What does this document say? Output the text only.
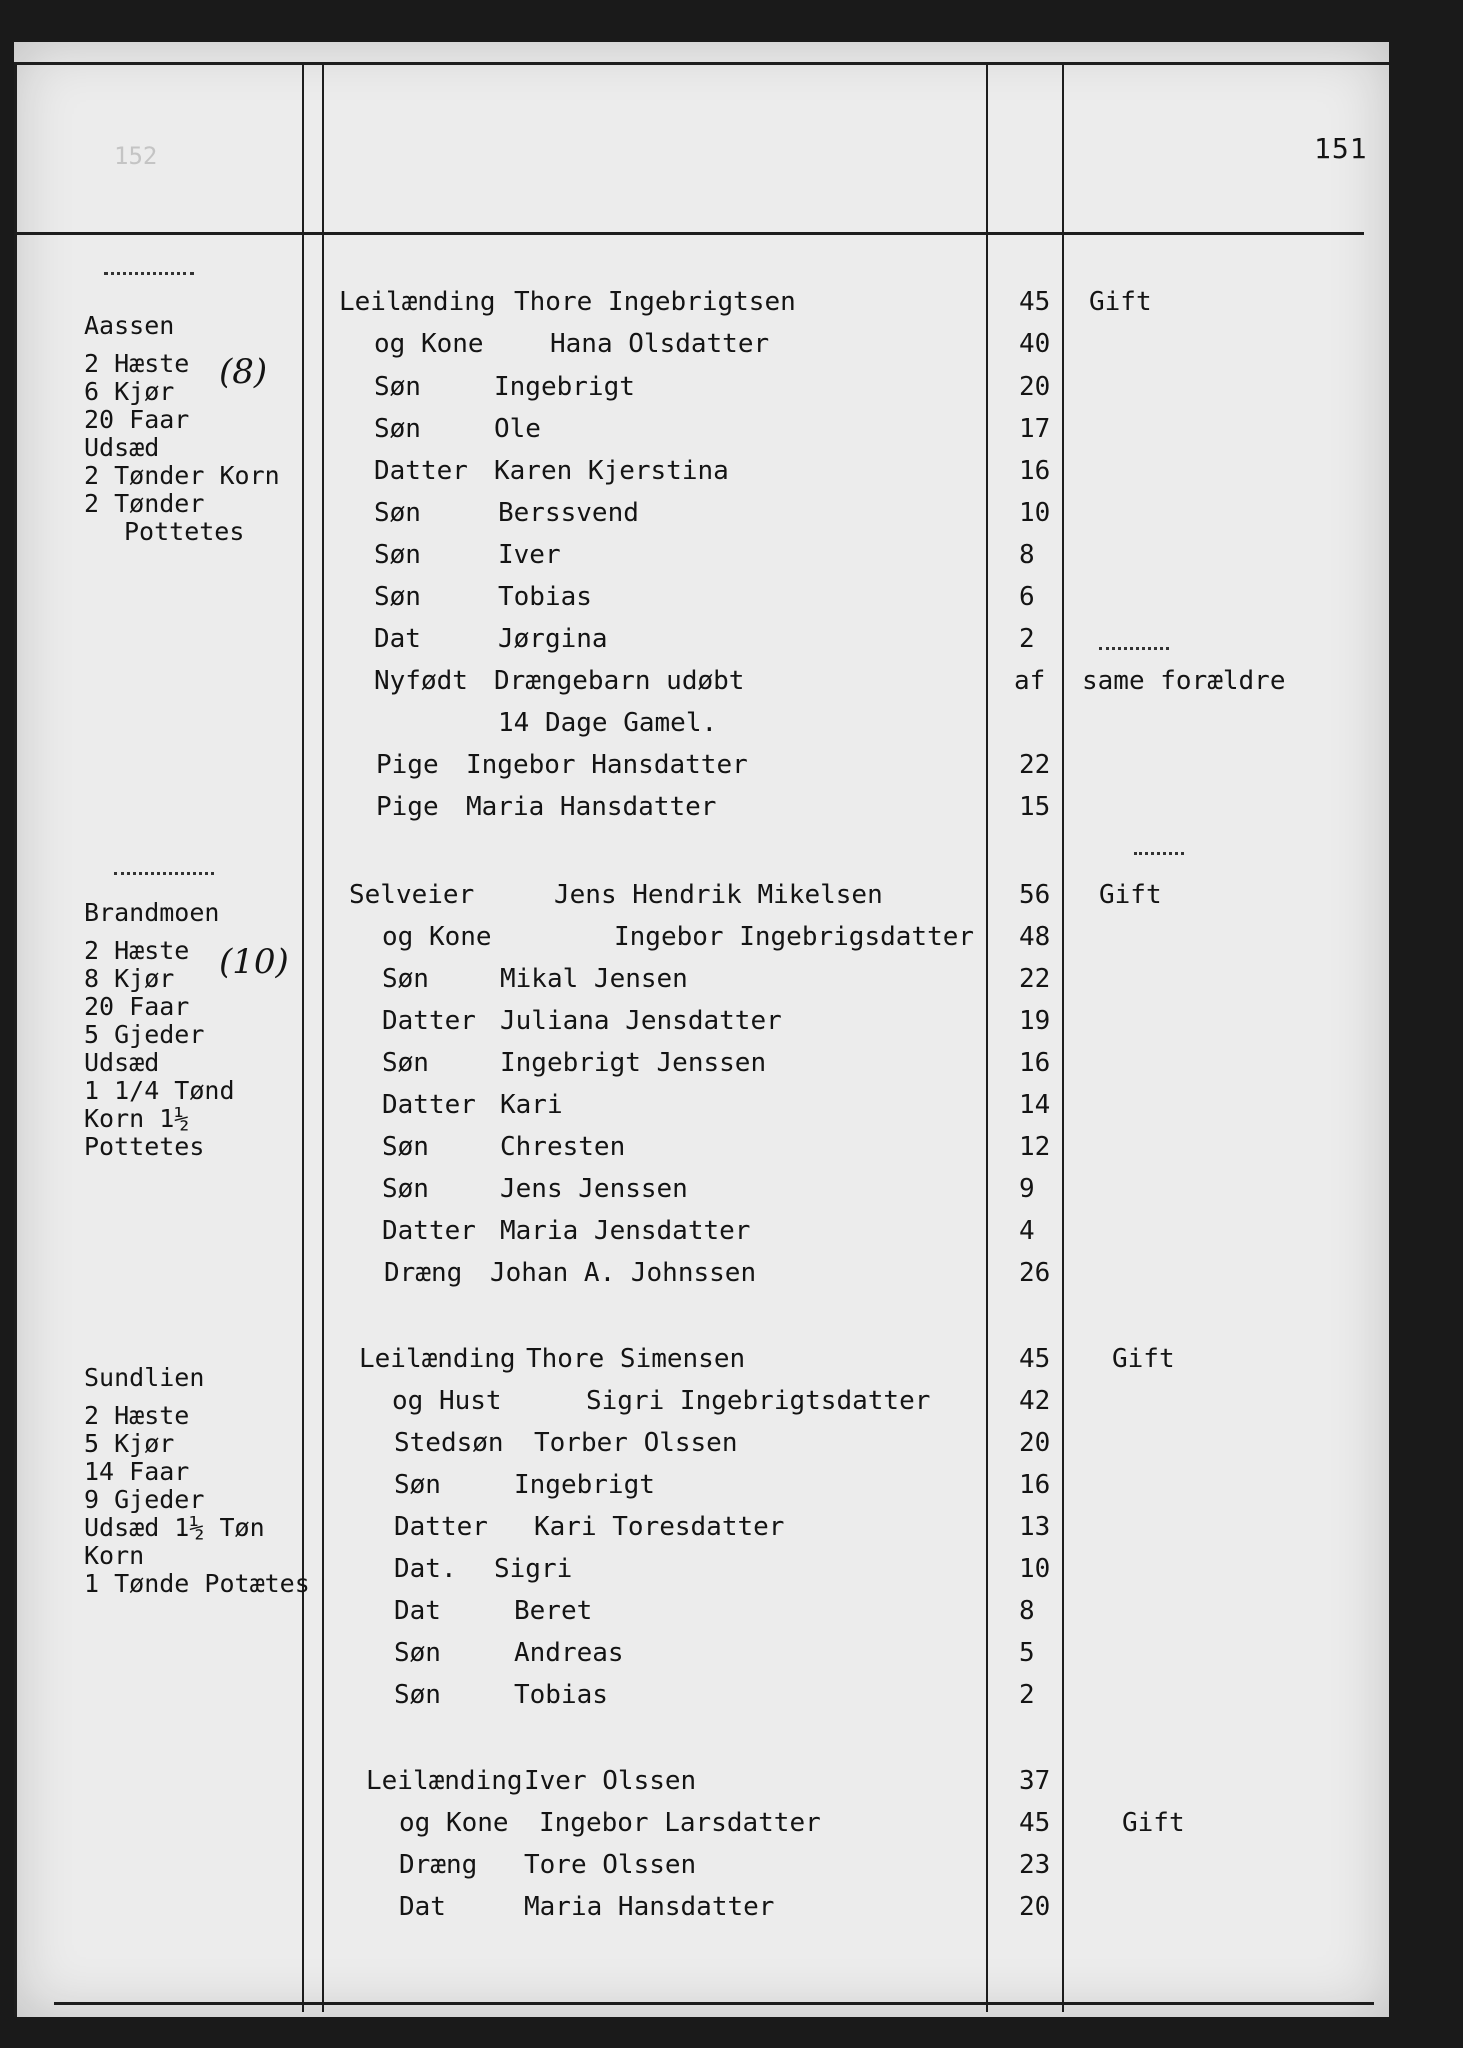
152	151
Aassen
2 Hæste
6 Kjør
20 Faar
Udsæd
2 Tønder Korn
2 Tønder
Pottetes
(8)
Brandmoen
2 Hæste
8 Kjør
20 Faar
5 Gjeder
Udsæd
1 1/4 Tønd
Korn 1½
Pottetes
(10)
Sundlien
2 Hæste
5 Kjør
14 Faar
9 Gjeder
Udsæd 1½ Tøn
Korn
1 Tønde Potætes
Leilænding Thore Ingebrigtsen	45 Gift
og Kone	Hana Olsdatter	40
Søn	Ingebrigt	20
Søn	Ole	17
Datter Karen Kjerstina	16
Søn	Berssvend	10
Søn	Iver	8
Søn	Tobias	6
Dat	Jørgina	2
Nyfødt Drængebarn udøbt	af same forældre
14 Dage Gamel.
Pige Ingebor Hansdatter	22
Pige Maria Hansdatter	15
Selveier	Jens Hendrik Mikelsen	56 Gift
og Kone	Ingebor Ingebrigsdatter 48
Søn	Mikal Jensen	22
Datter Juliana Jensdatter	19
Søn	Ingebrigt Jenssen	16
Datter Kari	14
Søn	Chresten	12
Søn	Jens Jenssen	9
Datter Maria Jensdatter	4
Dræng Johan A. Johnssen	26
Leilænding Thore Simensen	45 Gift
og Hust	Sigri Ingebrigtsdatter	42
Stedsøn Torber Olssen	20
Søn	Ingebrigt	16
Datter Kari Toresdatter	13
Dat. Sigri	10
Dat	Beret	8
Søn	Andreas	5
Søn	Tobias	2
Leilænding Iver Olssen	37
og Kone Ingebor Larsdatter	45	Gift
Dræng Tore Olssen	23
Dat	Maria Hansdatter	20
